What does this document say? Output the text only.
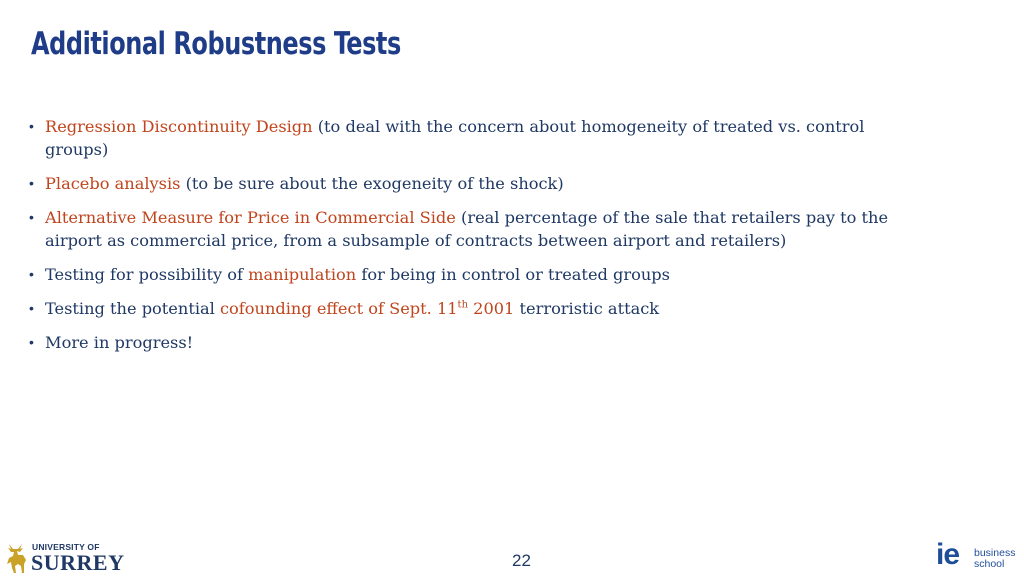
Additional Robustness Tests
• Regression Discontinuity Design (to deal with the concern about homogeneity of treated vs. control groups)
• Placebo analysis (to be sure about the exogeneity of the shock)
• Alternative Measure for Price in Commercial Side (real percentage of the sale that retailers pay to the airport as commercial price, from a subsample of contracts between airport and retailers)
• Testing for possibility of manipulation for being in control or treated groups
• Testing the potential cofounding effect of Sept. 11th 2001 terroristic attack
• More in progress!
UNIVERSITY OF
SURREY	22	ie business
school
